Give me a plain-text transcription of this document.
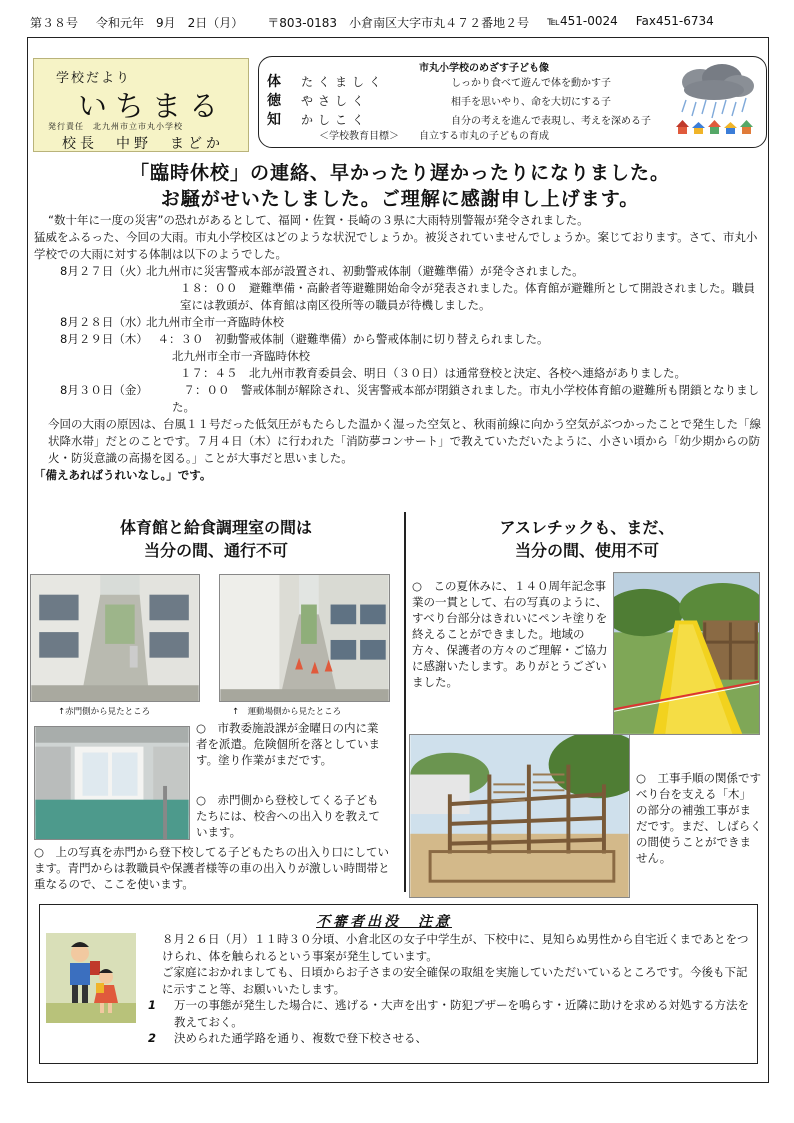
第３８号 令和元年　9月　2日（月） 〒803-0183　小倉南区大字市丸４７２番地２号 ℡451-0024 Fax451-6734
学校だより
いちまる
発行責任　北九州市立市丸小学校
校長　中野　まどか
市丸小学校のめざす子ども像
体 たくましく	しっかり食べて遊んで体を動かす子
徳 やさしく	相手を思いやり、命を大切にする子
知 かしこく	自分の考えを進んで表現し、考えを深める子
＜学校教育目標＞　　自立する市丸の子どもの育成
「臨時休校」の連絡、早かったり遅かったりになりました。
お騒がせいたしました。ご理解に感謝申し上げます。

“数十年に一度の災害”の恐れがあるとして、福岡・佐賀・長崎の３県に大雨特別警報が発令されました。

猛威をふるった、今回の大雨。市丸小学校区はどのような状況でしょうか。被災されていませんでしょうか。案じております。さて、市丸小学校での大雨に対する体制は以下のようでした。

8月２７日（火）北九州市に災害警戒本部が設置され、初動警戒体制（避難準備）が発令されました。
１８：００　避難準備・高齢者等避難開始命令が発表されました。体育館が避難所として開設されました。職員室には教頭が、体育館は南区役所等の職員が待機しました。
8月２８日（水）北九州市全市一斉臨時休校
8月２９日（木）　４：３０　初動警戒体制（避難準備）から警戒体制に切り替えられました。
北九州市全市一斉臨時休校
１７：４５　北九州市教育委員会、明日（３０日）は通常登校と決定、各校へ連絡がありました。
8月３０日（金）　７：００　警戒体制が解除され、災害警戒本部が閉鎖されました。市丸小学校体育館の避難所も閉鎖となりました。

今回の大雨の原因は、台風１１号だった低気圧がもたらした温かく湿った空気と、秋雨前線に向かう空気がぶつかったことで発生した「線状降水帯」だとのことです。７月４日（木）に行われた「消防夢コンサート」で教えていただいたように、小さい頃から「幼少期からの防火・防災意識の高揚を図る。」ことが大事だと思いました。

「備えあればうれいなし。」です。

体育館と給食調理室の間は
当分の間、通行不可
↑赤門側から見たところ	↑　運動場側から見たところ
○　市教委施設課が金曜日の内に業者を派遣。危険個所を落としています。塗り作業がまだです。
○　赤門側から登校してくる子どもたちには、校舎への出入りを教えています。
○　上の写真を赤門から登下校してる子どもたちの出入り口にしています。青門からは教職員や保護者様等の車の出入りが激しい時間帯と重なるので、ここを使います。
アスレチックも、まだ、
当分の間、使用不可
○　この夏休みに、１４０周年記念事業の一貫として、右の写真のように、すべり台部分はきれいにペンキ塗りを終えることができました。地域の方々、保護者の方々のご理解・ご協力に感謝いたします。ありがとうございました。
○　工事手順の関係ですべり台を支える「木」の部分の補強工事がまだです。まだ、しばらくの間使うことができません。
不審者出没　注意
８月２６日（月）１１時３０分頃、小倉北区の女子中学生が、下校中に、見知らぬ男性から自宅近くまであとをつけられ、体を触られるという事案が発生しています。
ご家庭におかれましても、日頃からお子さまの安全確保の取組を実施していただいているところです。今後も下記に示すこと等、お願いいたします。
1 万一の事態が発生した場合に、逃げる・大声を出す・防犯ブザーを鳴らす・近隣に助けを求める対処する方法を教えておく。
2 決められた通学路を通り、複数で登下校させる、
